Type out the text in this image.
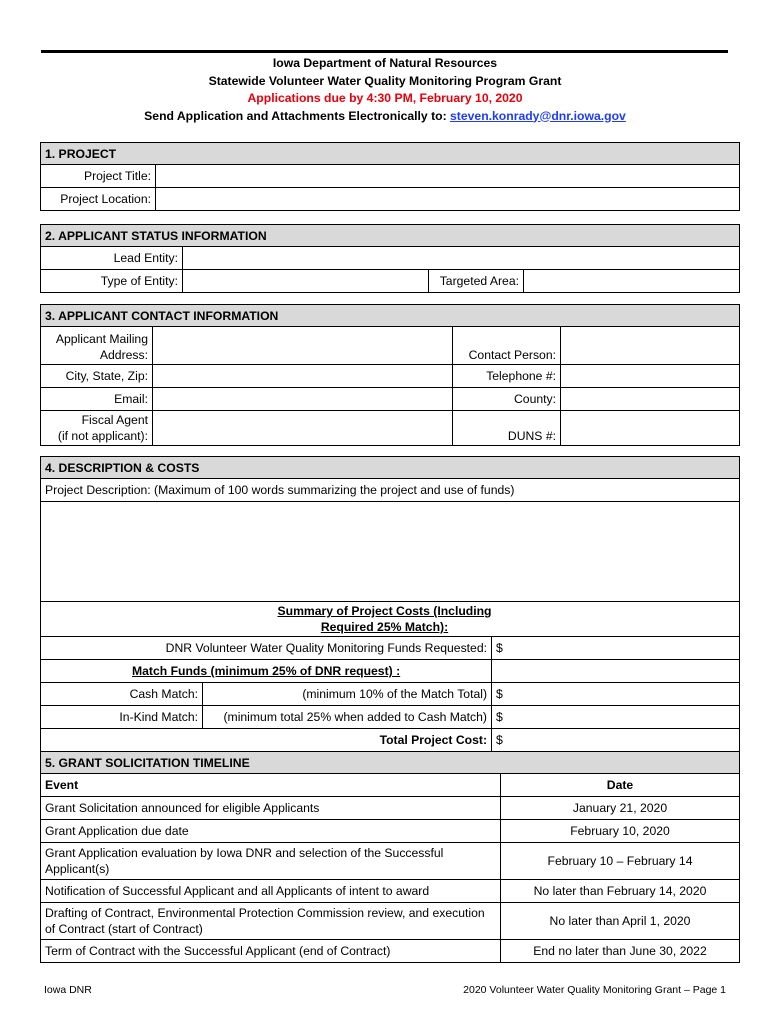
Iowa Department of Natural Resources
Statewide Volunteer Water Quality Monitoring Program Grant
Applications due by 4:30 PM, February 10, 2020
Send Application and Attachments Electronically to: steven.konrady@dnr.iowa.gov
1. PROJECT	
Project Title:	
Project Location:	
2. APPLICANT STATUS INFORMATION			
Lead Entity:			
Type of Entity:		Targeted Area:	
3. APPLICANT CONTACT INFORMATION			
Applicant Mailing
Address:		Contact Person:	
City, State, Zip:		Telephone #:	
Email:		County:	
Fiscal Agent
(if not applicant):		DUNS #:	
4. DESCRIPTION & COSTS			
Project Description: (Maximum of 100 words summarizing the project and use of funds)			

	Summary of Project Costs (Including Required 25% Match):		
DNR Volunteer Water Quality Monitoring Funds Requested:		$	
Match Funds (minimum 25% of DNR request) :			
Cash Match:	(minimum 10% of the Match Total)	$	
In-Kind Match:	(minimum total 25% when added to Cash Match)	$	
Total Project Cost:		$	
5. GRANT SOLICITATION TIMELINE	
Event	Date
Grant Solicitation announced for eligible Applicants	January 21, 2020
Grant Application due date	February 10, 2020
Grant Application evaluation by Iowa DNR and selection of the Successful Applicant(s)	February 10 – February 14
Notification of Successful Applicant and all Applicants of intent to award	No later than February 14, 2020
Drafting of Contract, Environmental Protection Commission review, and execution of Contract (start of Contract)	No later than April 1, 2020
Term of Contract with the Successful Applicant (end of Contract)	End no later than June 30, 2022
Iowa DNR	2020 Volunteer Water Quality Monitoring Grant – Page 1
